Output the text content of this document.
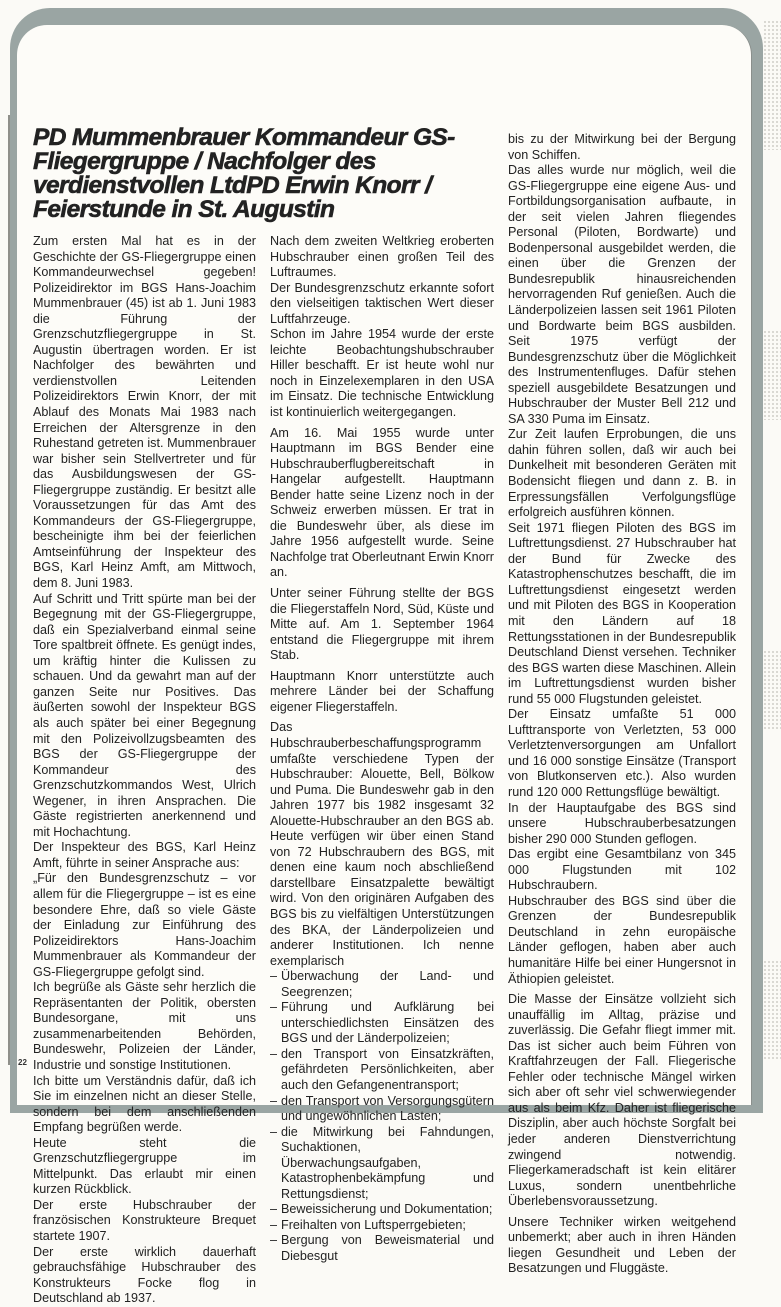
PD Mummenbrauer Kommandeur GS-Fliegergruppe / Nachfolger des verdienstvollen LtdPD Erwin Knorr / Feierstunde in St. Augustin

Zum ersten Mal hat es in der Geschichte der GS-Fliegergruppe einen Kommandeurwechsel gegeben! Polizeidirektor im BGS Hans-Joachim Mummenbrauer (45) ist ab 1. Juni 1983 die Führung der Grenzschutzfliegergruppe in St. Augustin übertragen worden. Er ist Nachfolger des bewährten und verdienstvollen Leitenden Polizeidirektors Erwin Knorr, der mit Ablauf des Monats Mai 1983 nach Erreichen der Altersgrenze in den Ruhestand getreten ist. Mummenbrauer war bisher sein Stellvertreter und für das Ausbildungswesen der GS-Fliegergruppe zuständig. Er besitzt alle Voraussetzungen für das Amt des Kommandeurs der GS-Fliegergruppe, bescheinigte ihm bei der feierlichen Amtseinführung der Inspekteur des BGS, Karl Heinz Amft, am Mittwoch, dem 8. Juni 1983.

Auf Schritt und Tritt spürte man bei der Begegnung mit der GS-Fliegergruppe, daß ein Spezialverband einmal seine Tore spaltbreit öffnete. Es genügt indes, um kräftig hinter die Kulissen zu schauen. Und da gewahrt man auf der ganzen Seite nur Positives. Das äußerten sowohl der Inspekteur BGS als auch später bei einer Begegnung mit den Polizeivollzugsbeamten des BGS der GS-Fliegergruppe der Kommandeur des Grenzschutzkommandos West, Ulrich Wegener, in ihren Ansprachen. Die Gäste registrierten anerkennend und mit Hochachtung.

Der Inspekteur des BGS, Karl Heinz Amft, führte in seiner Ansprache aus:

„Für den Bundesgrenzschutz – vor allem für die Fliegergruppe – ist es eine besondere Ehre, daß so viele Gäste der Einladung zur Einführung des Polizeidirektors Hans-Joachim Mummenbrauer als Kommandeur der GS-Fliegergruppe gefolgt sind.

Ich begrüße als Gäste sehr herzlich die Repräsentanten der Politik, obersten Bundesorgane, mit uns zusammenarbeitenden Behörden, Bundeswehr, Polizeien der Länder, Industrie und sonstige Institutionen.

Ich bitte um Verständnis dafür, daß ich Sie im einzelnen nicht an dieser Stelle, sondern bei dem anschließenden Empfang begrüßen werde.

Heute steht die Grenzschutzfliegergruppe im Mittelpunkt. Das erlaubt mir einen kurzen Rückblick.

Der erste Hubschrauber der französischen Konstrukteure Brequet startete 1907.

Der erste wirklich dauerhaft gebrauchsfähige Hubschrauber des Konstrukteurs Focke flog in Deutschland ab 1937.

Nach dem zweiten Weltkrieg eroberten Hubschrauber einen großen Teil des Luftraumes.

Der Bundesgrenzschutz erkannte sofort den vielseitigen taktischen Wert dieser Luftfahrzeuge.

Schon im Jahre 1954 wurde der erste leichte Beobachtungshubschrauber Hiller beschafft. Er ist heute wohl nur noch in Einzelexemplaren in den USA im Einsatz. Die technische Entwicklung ist kontinuierlich weitergegangen.

Am 16. Mai 1955 wurde unter Hauptmann im BGS Bender eine Hubschrauberflugbereitschaft in Hangelar aufgestellt. Hauptmann Bender hatte seine Lizenz noch in der Schweiz erwerben müssen. Er trat in die Bundeswehr über, als diese im Jahre 1956 aufgestellt wurde. Seine Nachfolge trat Oberleutnant Erwin Knorr an.

Unter seiner Führung stellte der BGS die Fliegerstaffeln Nord, Süd, Küste und Mitte auf. Am 1. September 1964 entstand die Fliegergruppe mit ihrem Stab.

Hauptmann Knorr unterstützte auch mehrere Länder bei der Schaffung eigener Fliegerstaffeln.

Das Hubschrauberbeschaffungsprogramm umfaßte verschiedene Typen der Hubschrauber: Alouette, Bell, Bölkow und Puma. Die Bundeswehr gab in den Jahren 1977 bis 1982 insgesamt 32 Alouette-Hubschrauber an den BGS ab. Heute verfügen wir über einen Stand von 72 Hubschraubern des BGS, mit denen eine kaum noch abschließend darstellbare Einsatzpalette bewältigt wird. Von den originären Aufgaben des BGS bis zu vielfältigen Unterstützungen des BKA, der Länderpolizeien und anderer Institutionen. Ich nenne exemplarisch

– Überwachung der Land- und Seegrenzen;
– Führung und Aufklärung bei unterschiedlichsten Einsätzen des BGS und der Länderpolizeien;
– den Transport von Einsatzkräften, gefährdeten Persönlichkeiten, aber auch den Gefangenentransport;
– den Transport von Versorgungsgütern und ungewöhnlichen Lasten;
– die Mitwirkung bei Fahndungen, Suchaktionen, Überwachungsaufgaben, Katastrophenbekämpfung und Rettungsdienst;
– Beweissicherung und Dokumentation;
– Freihalten von Luftsperrgebieten;
– Bergung von Beweismaterial und Diebesgut

bis zu der Mitwirkung bei der Bergung von Schiffen.

Das alles wurde nur möglich, weil die GS-Fliegergruppe eine eigene Aus- und Fortbildungsorganisation aufbaute, in der seit vielen Jahren fliegendes Personal (Piloten, Bordwarte) und Bodenpersonal ausgebildet werden, die einen über die Grenzen der Bundesrepublik hinausreichenden hervorragenden Ruf genießen. Auch die Länderpolizeien lassen seit 1961 Piloten und Bordwarte beim BGS ausbilden. Seit 1975 verfügt der Bundesgrenzschutz über die Möglichkeit des Instrumentenfluges. Dafür stehen speziell ausgebildete Besatzungen und Hubschrauber der Muster Bell 212 und SA 330 Puma im Einsatz.

Zur Zeit laufen Erprobungen, die uns dahin führen sollen, daß wir auch bei Dunkelheit mit besonderen Geräten mit Bodensicht fliegen und dann z. B. in Erpressungsfällen Verfolgungsflüge erfolgreich ausführen können.

Seit 1971 fliegen Piloten des BGS im Luftrettungsdienst. 27 Hubschrauber hat der Bund für Zwecke des Katastrophenschutzes beschafft, die im Luftrettungsdienst eingesetzt werden und mit Piloten des BGS in Kooperation mit den Ländern auf 18 Rettungsstationen in der Bundesrepublik Deutschland Dienst versehen. Techniker des BGS warten diese Maschinen. Allein im Luftrettungsdienst wurden bisher rund 55 000 Flugstunden geleistet.

Der Einsatz umfaßte 51 000 Lufttransporte von Verletzten, 53 000 Verletztenversorgungen am Unfallort und 16 000 sonstige Einsätze (Transport von Blutkonserven etc.). Also wurden rund 120 000 Rettungsflüge bewältigt.

In der Hauptaufgabe des BGS sind unsere Hubschrauberbesatzungen bisher 290 000 Stunden geflogen.

Das ergibt eine Gesamtbilanz von 345 000 Flugstunden mit 102 Hubschraubern.

Hubschrauber des BGS sind über die Grenzen der Bundesrepublik Deutschland in zehn europäische Länder geflogen, haben aber auch humanitäre Hilfe bei einer Hungersnot in Äthiopien geleistet.

Die Masse der Einsätze vollzieht sich unauffällig im Alltag, präzise und zuverlässig. Die Gefahr fliegt immer mit. Das ist sicher auch beim Führen von Kraftfahrzeugen der Fall. Fliegerische Fehler oder technische Mängel wirken sich aber oft sehr viel schwerwiegender aus als beim Kfz. Daher ist fliegerische Disziplin, aber auch höchste Sorgfalt bei jeder anderen Dienstverrichtung zwingend notwendig. Fliegerkameradschaft ist kein elitärer Luxus, sondern unentbehrliche Überlebensvoraussetzung.

Unsere Techniker wirken weitgehend unbemerkt; aber auch in ihren Händen liegen Gesundheit und Leben der Besatzungen und Fluggäste.

22
